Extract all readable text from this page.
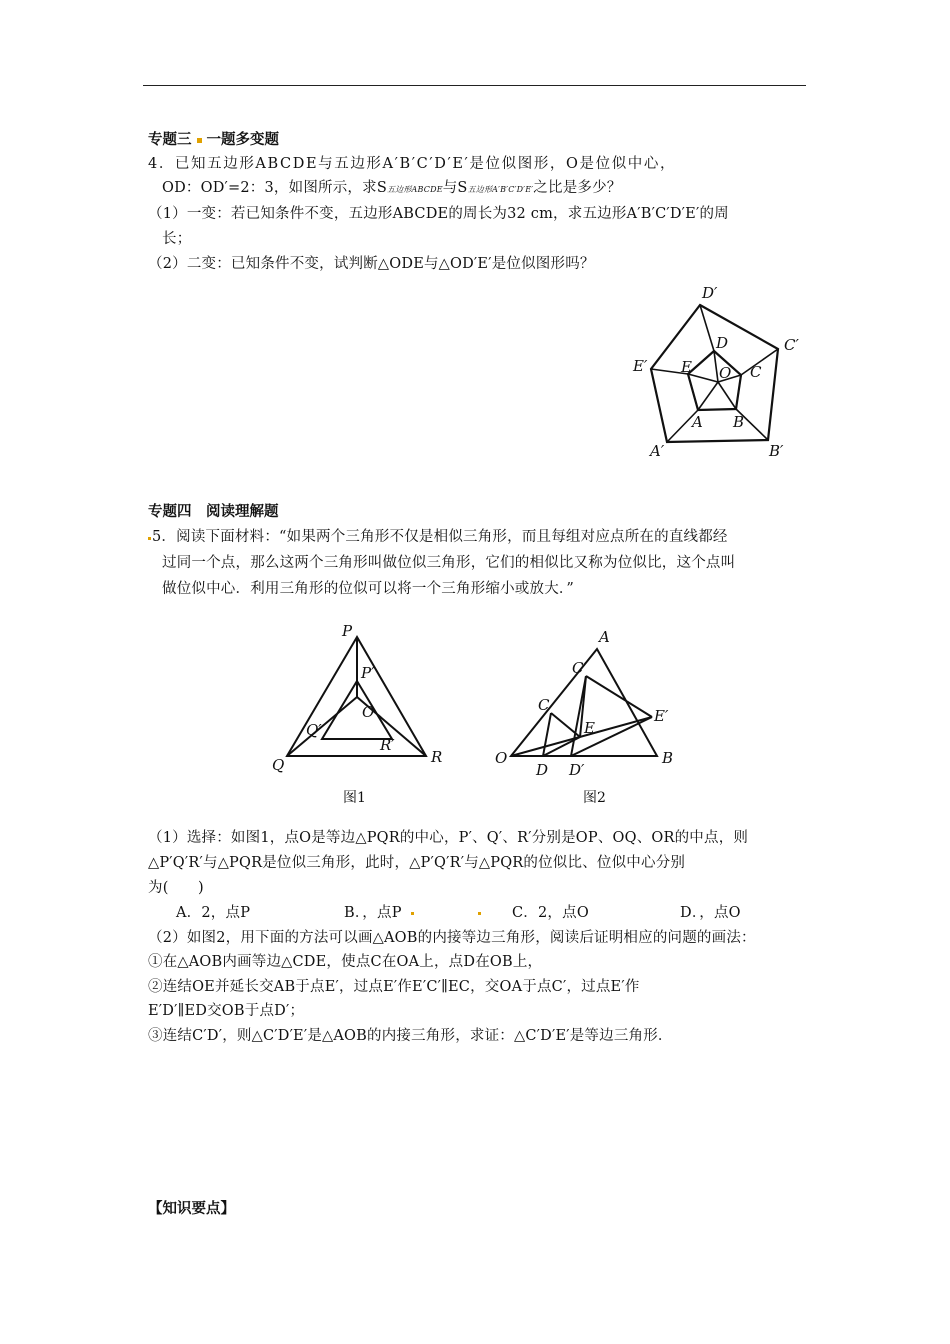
专题三 一题多变题
4．已知五边形ABCDE与五边形A′B′C′D′E′是位似图形，O是位似中心，
OD：OD′=2：3，如图所示，求S五边形ABCDE与S五边形A′B′C′D′E′之比是多少？
（1）一变：若已知条件不变，五边形ABCDE的周长为32 cm，求五边形A′B′C′D′E′的周
长；
（2）二变：已知条件不变，试判断△ODE与△OD′E′是位似图形吗？
D′
C′
E′
A′	B′
D
C
E O
A B
专题四　阅读理解题
5．阅读下面材料：“如果两个三角形不仅是相似三角形，而且每组对应点所在的直线都经
过同一个点，那么这两个三角形叫做位似三角形，它们的相似比又称为位似比，这个点叫
做位似中心．利用三角形的位似可以将一个三角形缩小或放大．”
P
Q	R
P′
Q′
R′
O
图1
A
B
O
C
D
E
C′
D′
E′
图2
（1）选择：如图1，点O是等边△PQR的中心，P′、Q′、R′分别是OP、OQ、OR的中点，则
△P′Q′R′与△PQR是位似三角形，此时，△P′Q′R′与△PQR的位似比、位似中心分别
为(　　)
A．2，点P	B．，点P	C．2，点O	D．，点O
（2）如图2，用下面的方法可以画△AOB的内接等边三角形，阅读后证明相应的问题的画法：
①在△AOB内画等边△CDE，使点C在OA上，点D在OB上，
②连结OE并延长交AB于点E′，过点E′作E′C′∥EC，交OA于点C′，过点E′作
E′D′∥ED交OB于点D′；
③连结C′D′，则△C′D′E′是△AOB的内接三角形，求证：△C′D′E′是等边三角形．
【知识要点】
